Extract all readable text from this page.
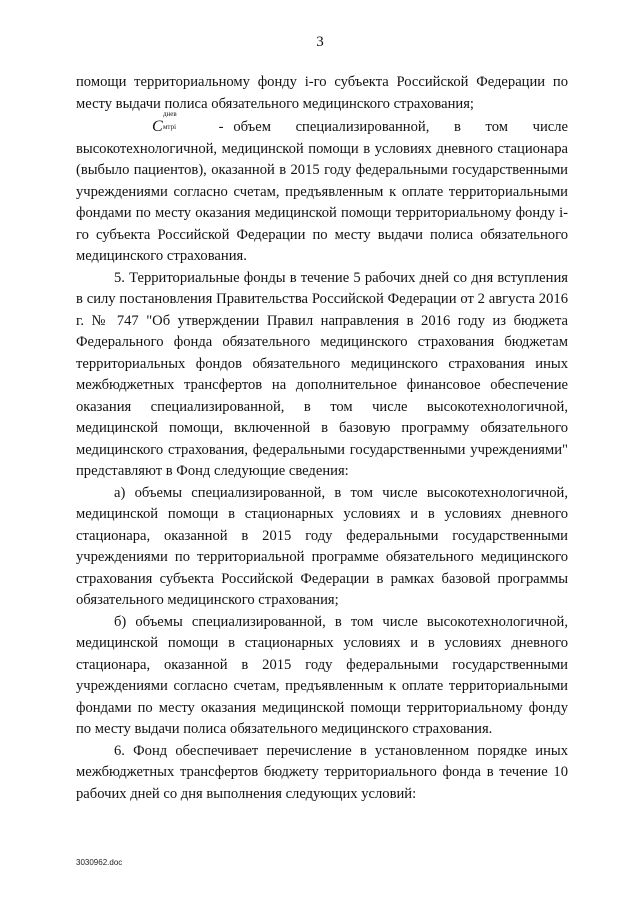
3

помощи территориальному фонду i-го субъекта Российской Федерации по месту выдачи полиса обязательного медицинского страхования;

С
днев
мтрi	- объем специализированной, в том числе высокотехнологичной, медицинской помощи в условиях дневного стационара (выбыло пациентов), оказанной в 2015 году федеральными государственными учреждениями согласно счетам, предъявленным к оплате территориальными фондами по месту оказания медицинской помощи территориальному фонду i-го субъекта Российской Федерации по месту выдачи полиса обязательного медицинского страхования.

5. Территориальные фонды в течение 5 рабочих дней со дня вступления в силу постановления Правительства Российской Федерации от 2 августа 2016 г. № 747 "Об утверждении Правил направления в 2016 году из бюджета Федерального фонда обязательного медицинского страхования бюджетам территориальных фондов обязательного медицинского страхования иных межбюджетных трансфертов на дополнительное финансовое обеспечение оказания специализированной, в том числе высокотехнологичной, медицинской помощи, включенной в базовую программу обязательного медицинского страхования, федеральными государственными учреждениями" представляют в Фонд следующие сведения:

а) объемы специализированной, в том числе высокотехнологичной, медицинской помощи в стационарных условиях и в условиях дневного стационара, оказанной в 2015 году федеральными государственными учреждениями по территориальной программе обязательного медицинского страхования субъекта Российской Федерации в рамках базовой программы обязательного медицинского страхования;

б) объемы специализированной, в том числе высокотехнологичной, медицинской помощи в стационарных условиях и в условиях дневного стационара, оказанной в 2015 году федеральными государственными учреждениями согласно счетам, предъявленным к оплате территориальными фондами по месту оказания медицинской помощи территориальному фонду по месту выдачи полиса обязательного медицинского страхования.

6. Фонд обеспечивает перечисление в установленном порядке иных межбюджетных трансфертов бюджету территориального фонда в течение 10 рабочих дней со дня выполнения следующих условий:

3030962.doc
